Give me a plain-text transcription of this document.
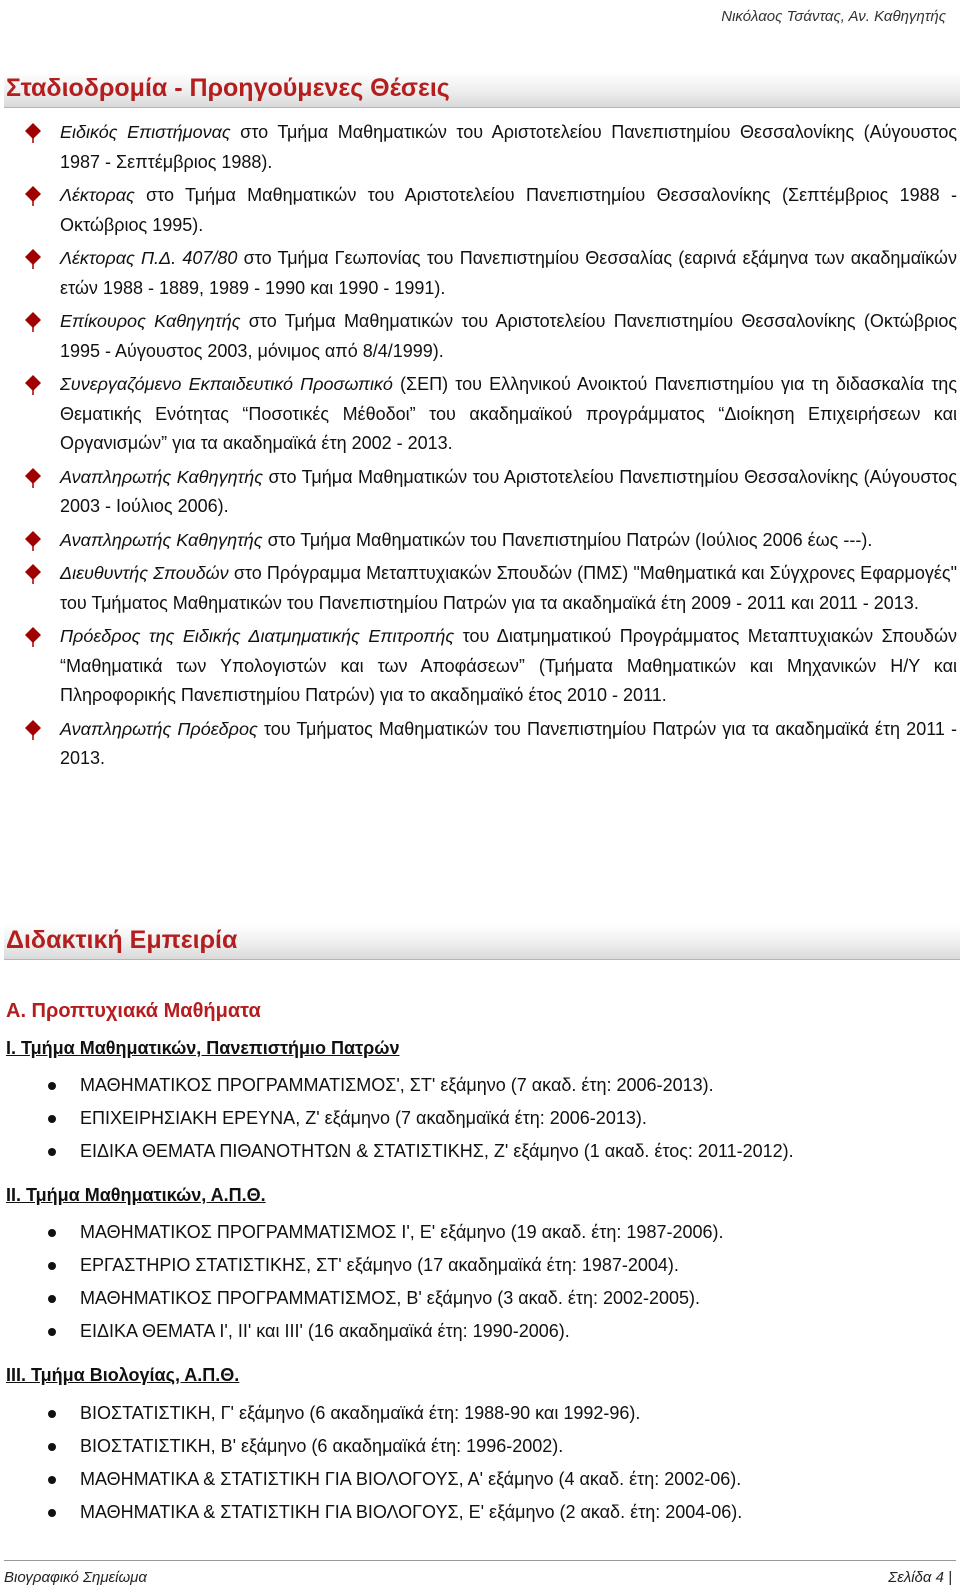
Νικόλαος Τσάντας, Αν. Καθηγητής
Σταδιοδρομία - Προηγούμενες Θέσεις
Ειδικός Επιστήμονας στο Τμήμα Μαθηματικών του Αριστοτελείου Πανεπιστημίου Θεσσαλονίκης (Αύγουστος 1987 - Σεπτέμβριος 1988).
Λέκτορας στο Τμήμα Μαθηματικών του Αριστοτελείου Πανεπιστημίου Θεσσαλονίκης (Σεπτέμβριος 1988 - Οκτώβριος 1995).
Λέκτορας Π.Δ. 407/80 στο Τμήμα Γεωπονίας του Πανεπιστημίου Θεσσαλίας (εαρινά εξάμηνα των ακαδημαϊκών ετών 1988 - 1889, 1989 - 1990 και 1990 - 1991).
Επίκουρος Καθηγητής στο Τμήμα Μαθηματικών του Αριστοτελείου Πανεπιστημίου Θεσσαλονίκης (Οκτώβριος 1995 - Αύγουστος 2003, μόνιμος από 8/4/1999).
Συνεργαζόμενο Εκπαιδευτικό Προσωπικό (ΣΕΠ) του Ελληνικού Ανοικτού Πανεπιστημίου για τη διδασκαλία της Θεματικής Ενότητας “Ποσοτικές Μέθοδοι” του ακαδημαϊκού προγράμματος “Διοίκηση Επιχειρήσεων και Οργανισμών” για τα ακαδημαϊκά έτη 2002 - 2013.
Αναπληρωτής Καθηγητής στο Τμήμα Μαθηματικών του Αριστοτελείου Πανεπιστημίου Θεσσαλονίκης (Αύγουστος 2003 - Ιούλιος 2006).
Αναπληρωτής Καθηγητής στο Τμήμα Μαθηματικών του Πανεπιστημίου Πατρών (Ιούλιος 2006 έως ---).
Διευθυντής Σπουδών στο Πρόγραμμα Μεταπτυχιακών Σπουδών (ΠΜΣ) "Μαθηματικά και Σύγχρονες Εφαρμογές" του Τμήματος Μαθηματικών του Πανεπιστημίου Πατρών για τα ακαδημαϊκά έτη 2009 - 2011 και 2011 - 2013.
Πρόεδρος της Ειδικής Διατμηματικής Επιτροπής του Διατμηματικού Προγράμματος Μεταπτυχιακών Σπουδών “Μαθηματικά των Υπολογιστών και των Αποφάσεων” (Τμήματα Μαθηματικών και Μηχανικών Η/Υ και Πληροφορικής Πανεπιστημίου Πατρών) για το ακαδημαϊκό έτος 2010 - 2011.
Αναπληρωτής Πρόεδρος του Τμήματος Μαθηματικών του Πανεπιστημίου Πατρών για τα ακαδημαϊκά έτη 2011 - 2013.
Διδακτική Εμπειρία
Α. Προπτυχιακά Μαθήματα
I. Τμήμα Μαθηματικών, Πανεπιστήμιο Πατρών
ΜΑΘΗΜΑΤΙΚΟΣ ΠΡΟΓΡΑΜΜΑΤΙΣΜΟΣ', ΣΤ' εξάμηνο (7 ακαδ. έτη: 2006-2013).
ΕΠΙΧΕΙΡΗΣΙΑΚΗ ΕΡΕΥΝΑ, Ζ' εξάμηνο (7 ακαδημαϊκά έτη: 2006-2013).
ΕΙΔΙΚΑ ΘΕΜΑΤΑ ΠΙΘΑΝΟΤΗΤΩΝ & ΣΤΑΤΙΣΤΙΚΗΣ, Ζ' εξάμηνο (1 ακαδ. έτος: 2011-2012).
II. Τμήμα Μαθηματικών, Α.Π.Θ.
ΜΑΘΗΜΑΤΙΚΟΣ ΠΡΟΓΡΑΜΜΑΤΙΣΜΟΣ Ι', Ε' εξάμηνο (19 ακαδ. έτη: 1987-2006).
ΕΡΓΑΣΤΗΡΙΟ ΣΤΑΤΙΣΤΙΚΗΣ, ΣΤ' εξάμηνο (17 ακαδημαϊκά έτη: 1987-2004).
ΜΑΘΗΜΑΤΙΚΟΣ ΠΡΟΓΡΑΜΜΑΤΙΣΜΟΣ, Β' εξάμηνο (3 ακαδ. έτη: 2002-2005).
ΕΙΔΙΚΑ ΘΕΜΑΤΑ Ι', ΙΙ' και ΙΙΙ' (16 ακαδημαϊκά έτη: 1990-2006).
III. Τμήμα Βιολογίας, Α.Π.Θ.
ΒΙΟΣΤΑΤΙΣΤΙΚΗ, Γ' εξάμηνο (6 ακαδημαϊκά έτη: 1988-90 και 1992-96).
ΒΙΟΣΤΑΤΙΣΤΙΚΗ, Β' εξάμηνο (6 ακαδημαϊκά έτη: 1996-2002).
ΜΑΘΗΜΑΤΙΚΑ & ΣΤΑΤΙΣΤΙΚΗ ΓΙΑ ΒΙΟΛΟΓΟΥΣ, Α' εξάμηνο (4 ακαδ. έτη: 2002-06).
ΜΑΘΗΜΑΤΙΚΑ & ΣΤΑΤΙΣΤΙΚΗ ΓΙΑ ΒΙΟΛΟΓΟΥΣ, Ε' εξάμηνο (2 ακαδ. έτη: 2004-06).
Βιογραφικό Σημείωμα	Σελίδα 4 |
